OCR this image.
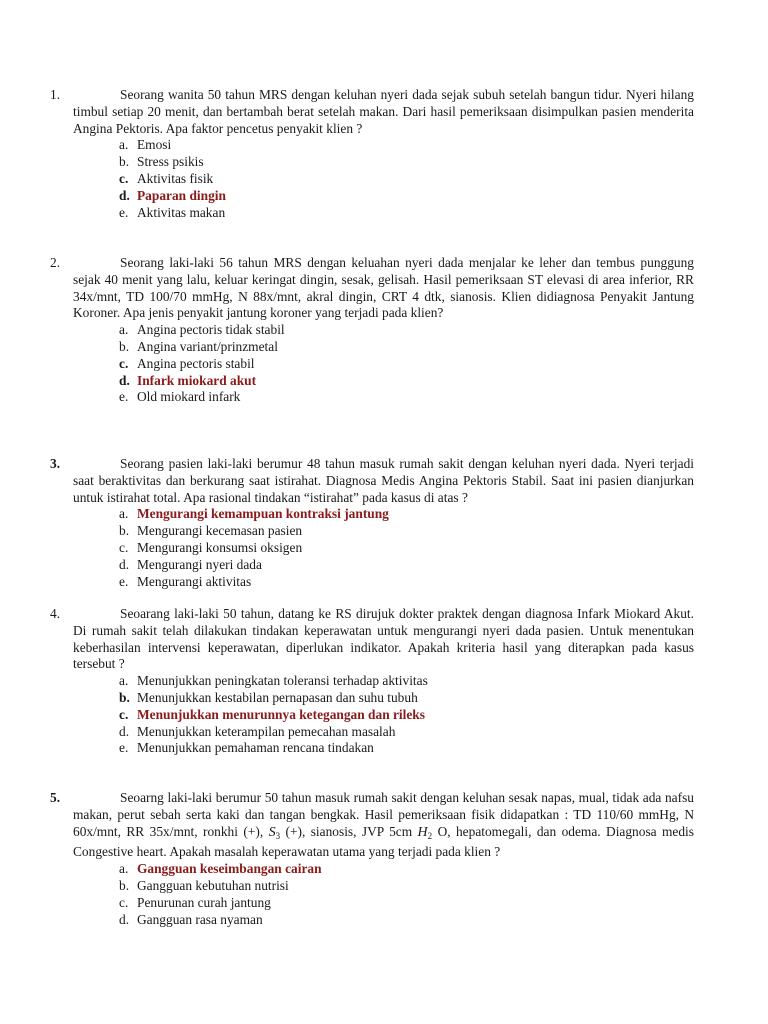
1.	Seorang wanita 50 tahun MRS dengan keluhan nyeri dada sejak subuh setelah bangun tidur. Nyeri hilang timbul setiap 20 menit, dan bertambah berat setelah makan. Dari hasil pemeriksaan disimpulkan pasien menderita Angina Pektoris. Apa faktor pencetus penyakit klien ?
a. Emosi
b. Stress psikis
c. Aktivitas fisik
d. Paparan dingin
e. Aktivitas makan
2.	Seorang laki-laki 56 tahun MRS dengan keluahan nyeri dada menjalar ke leher dan tembus punggung sejak 40 menit yang lalu, keluar keringat dingin, sesak, gelisah. Hasil pemeriksaan ST elevasi di area inferior, RR 34x/mnt, TD 100/70 mmHg, N 88x/mnt, akral dingin, CRT 4 dtk, sianosis. Klien didiagnosa Penyakit Jantung Koroner. Apa jenis penyakit jantung koroner yang terjadi pada klien?
a. Angina pectoris tidak stabil
b. Angina variant/prinzmetal
c. Angina pectoris stabil
d. Infark miokard akut
e. Old miokard infark
3.	Seorang pasien laki-laki berumur 48 tahun masuk rumah sakit dengan keluhan nyeri dada. Nyeri terjadi saat beraktivitas dan berkurang saat istirahat. Diagnosa Medis Angina Pektoris Stabil. Saat ini pasien dianjurkan untuk istirahat total. Apa rasional tindakan “istirahat” pada kasus di atas ?
a. Mengurangi kemampuan kontraksi jantung
b. Mengurangi kecemasan pasien
c. Mengurangi konsumsi oksigen
d. Mengurangi nyeri dada
e. Mengurangi aktivitas
4.	Seoarang laki-laki 50 tahun, datang ke RS dirujuk dokter praktek dengan diagnosa Infark Miokard Akut. Di rumah sakit telah dilakukan tindakan keperawatan untuk mengurangi nyeri dada pasien. Untuk menentukan keberhasilan intervensi keperawatan, diperlukan indikator. Apakah kriteria hasil yang diterapkan pada kasus tersebut ?
a. Menunjukkan peningkatan toleransi terhadap aktivitas
b. Menunjukkan kestabilan pernapasan dan suhu tubuh
c. Menunjukkan menurunnya ketegangan dan rileks
d. Menunjukkan keterampilan pemecahan masalah
e. Menunjukkan pemahaman rencana tindakan
5.	Seoarng laki-laki berumur 50 tahun masuk rumah sakit dengan keluhan sesak napas, mual, tidak ada nafsu makan, perut sebah serta kaki dan tangan bengkak. Hasil pemeriksaan fisik didapatkan : TD 110/60 mmHg, N 60x/mnt, RR 35x/mnt, ronkhi (+), $S_3$ (+), sianosis, JVP 5cm $H_2$ O, hepatomegali, dan odema. Diagnosa medis Congestive heart. Apakah masalah keperawatan utama yang terjadi pada klien ?
a. Gangguan keseimbangan cairan
b. Gangguan kebutuhan nutrisi
c. Penurunan curah jantung
d. Gangguan rasa nyaman
